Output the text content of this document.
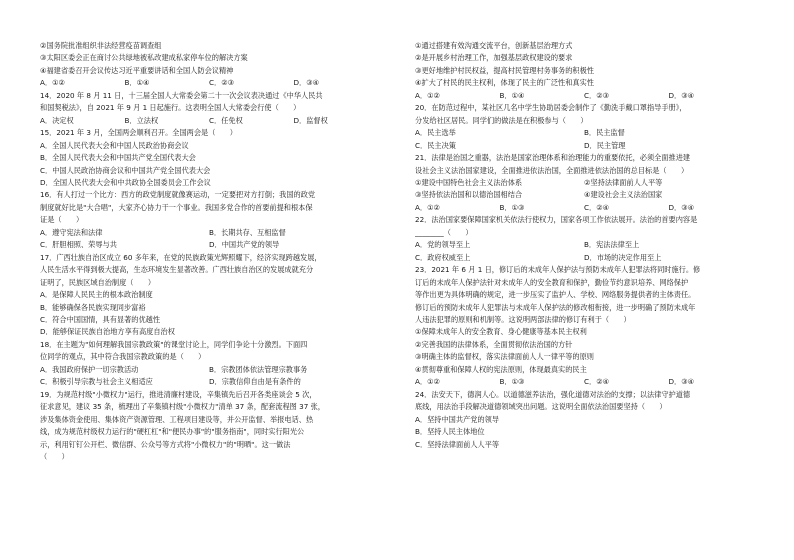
②国务院批准组织非法经营疫苗调查组
③太阳区委会正在商讨公共绿地被私改建成私家停车位的解决方案
④福建省委召开会议传达习近平重要讲话和全国人防会议精神
A．①②	B．①④	C．②③	D．③④
14．2020 年 8 月 11 日，十三届全国人大常委会第二十一次会议表决通过《中华人民共
和国契税法》，自 2021 年 9 月 1 日起施行。这表明全国人大常委会行使（　　）
A．决定权	B．立法权	C．任免权	D．监督权
15．2021 年 3 月，全国两会顺利召开。全国两会是（　　）
A．全国人民代表大会和中国人民政治协商会议
B．全国人民代表大会和中国共产党全国代表大会
C．中国人民政治协商会议和中国共产党全国代表大会
D．全国人民代表大会和中共政协全国委员会工作会议
16．有人打过一个比方：西方的政党制度就像赛运动，一定要把对方打倒；我国的政党
制度就好比是"大合唱"，大家齐心协力干一个事业。我国多党合作的首要前提和根本保
证是（　　）
A．遵守宪法和法律	B．长期共存、互相监督
C．肝胆相照、荣辱与共	D．中国共产党的领导
17．广西壮族自治区成立 60 多年来，在党的民族政策光辉照耀下，经济实现跨越发展，
人民生活水平得到极大提高，生态环境发生显著改善。广西壮族自治区的发展成就充分
证明了，民族区域自治制度（　　）
A．是保障人民民主的根本政治制度
B．能够确保各民族实现同步富裕
C．符合中国国情，具有显著的优越性
D．能够保证民族自治地方享有高度自治权
18．在主题为"如何理解我国宗教政策"的课堂讨论上，同学们争论十分激烈。下面四
位同学的观点，其中符合我国宗教政策的是（　　）
A．我国政府保护一切宗教活动	B．宗教团体依法管理宗教事务
C．积极引导宗教与社会主义相适应	D．宗教信仰自由是有条件的
19．为规范村级"小微权力"运行，推进清廉村建设，辛集镇先后召开各类座谈会 5 次，
征求意见，建议 35 条，梳理出了辛集镇村级"小微权力"清单 37 条，配套流程图 37 张，
涉及集体资金使用、集体资产资源管理、工程项目建设等，并公开监督、举报电话、热
线，成为规范村级权力运行的"硬杠杠"和"便民办事"的"服务指南"，同时实行阳光公
示，利用钉钉公开栏、微信群、公众号等方式将"小微权力"的"明晒"。这一做法
（　　）
①通过搭建有效沟通交流平台，创新基层治理方式
②是开展乡村治理工作，加强基层政权建设的要求
③更好地维护村民权益，提高村民管理村务事务的积极性
④扩大了村民的民主权利，体现了民主的广泛性和真实性
A．①②	B．①④	C．②③	D．③④
20．在防范过程中，某社区几名中学生协助居委会制作了《勤洗手戴口罩指导手册》，
分发给社区居民。同学们的做法是在积极参与（　　）
A．民主选举	B．民主监督
C．民主决策	D．民主管理
21．法律是治国之重器，法治是国家治理体系和治理能力的重要依托，必须全面推进建
设社会主义法治国家建设，全面推进依法治国，全面推进依法治国的总目标是（　　）
①建设中国特色社会主义法治体系	②坚持法律面前人人平等
③坚持依法治国和以德治国相结合	④建设社会主义法治国家
A．①②	B．①③	C．②④	D．③④
22．法治国家要保障国家机关依法行使权力，国家各项工作依法展开。法治的首要内容是
________（　　）
A．党的领导至上	B．宪法法律至上
C．政府权威至上	D．市场的决定作用至上
23．2021 年 6 月 1 日，修订后的未成年人保护法与预防未成年人犯罪法将同时施行。修
订后的未成年人保护法针对未成年人的安全教育和保护，勤俭节约意识培养、网络保护
等作出更为具体明确的规定，进一步压实了监护人、学校、网络服务提供者的主体责任。
修订后的预防未成年人犯罪法与未成年人保护法的修改相衔接，进一步明确了预防未成年
人违法犯罪的原则和机制等。这说明两部法律的修订有利于（　　）
①保障未成年人的安全教育、身心健康等基本民主权利
②完善我国的法律体系，全面贯彻依法治国的方针
③明确主体的监督权，落实法律面前人人一律平等的原则
④贯彻尊重和保障人权的宪法原则，体现最真实的民主
A．①②	B．①③	C．②④	D．③④
24．法安天下，德润人心。以道德滋养法治，强化道德对法治的支撑；以法律守护道德
底线，用法治手段解决道德领域突出问题。这说明全面依法治国要坚持（　　）
A．坚持中国共产党的领导
B．坚持人民主体地位
C．坚持法律面前人人平等
